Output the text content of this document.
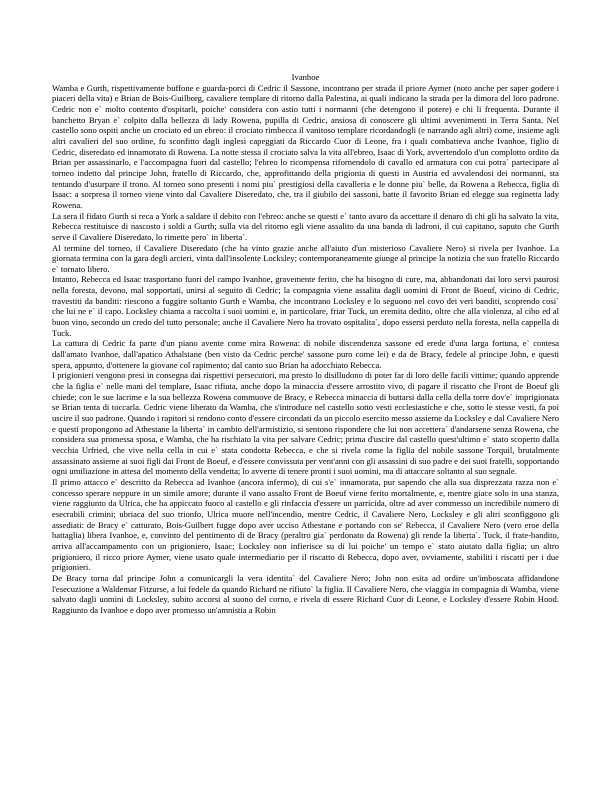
Ivanhoe
Wamba e Gurth, rispettivamente buffone e guarda-porci di Cedric il Sassone, incontrano per strada il priore Aymer (noto anche per saper godere i piaceri della vita) e Brian de Bois-Guilborg, cavaliere templare di ritorno dalla Palestina, ai quali indicano la strada per la dimora del loro padrone. Cedric non e` molto contento d'ospitarli, poiche' considera con astio tutti i normanni (che detengono il potere) e chi li frequenta. Durante il banchetto Bryan e` colpito dalla bellezza di lady Rowena, pupilla di Cedric, ansiosa di conoscere gli ultimi avvenimenti in Terra Santa. Nel castello sono ospiti anche un crociato ed un ebreo: il crociato rimbecca il vanitoso templare ricordandogli (e narrando agli altri) come, insieme agli altri cavalieri del suo ordine, fu sconfitto dagli inglesi capeggiati da Riccardo Cuor di Leone, fra i quali combatteva anche Ivanhoe, figlio di Cedric, diseredato ed innamorato di Rowena. La notte stessa il crociato salva la vita all'ebreo, Isaac di York, avvertendolo d'un complotto ordito da Brian per assassinarlo, e l'accompagna fuori dal castello; l'ebreo lo ricompensa rifornendolo di cavallo ed armatura con cui potra` partecipare al torneo indetto dal principe John, fratello di Riccardo, che, approfittando della prigionia di questi in Austria ed avvalendosi dei normanni, sta tentando d'usurpare il trono. Al torneo sono presenti i nomi piu` prestigiosi della cavalleria e le donne piu` belle, da Rowena a Rebecca, figlia di Isaac: a sorpresa il torneo viene vinto dal Cavaliere Diseredato, che, tra il giubilo dei sassoni, batte il favorito Brian ed elegge sua reginetta lady Rowena.
La sera il fidato Gurth si reca a York a saldare il debito con l'ebreo: anche se questi e` tanto avaro da accettare il denaro di chi gli ha salvato la vita, Rebecca restituisce di nascosto i soldi a Gurth; sulla via del ritorno egli viene assalito da una banda di ladroni, il cui capitano, saputo che Gurth serve il Cavaliere Diseredato, lo rimette pero` in liberta`.
Al termine del torneo, il Cavaliere Diseredato (che ha vinto grazie anche all'aiuto d'un misterioso Cavaliere Nero) si rivela per Ivanhoe. La giornata termina con la gara degli arcieri, vinta dall'insolente Locksley; contemporaneamente giunge al principe la notizia che suo fratello Riccardo e` tornato libero.
Intanto, Rebecca ed Isaac trasportano fuori del campo Ivanhoe, gravemente ferito, che ha bisogno di cure, ma, abbandonati dai loro servi paurosi nella foresta, devono, mal sopportati, unirsi al seguito di Cedric; la compagnia viene assalita dagli uomini di Front de Boeuf, vicino di Cedric, travestiti da banditi: riescono a fuggire soltanto Gurth e Wamba, che incontrano Locksley e lo seguono nel covo dei veri banditi, scoprendo cosi` che lui ne e` il capo. Locksley chiama a raccolta i suoi uomini e, in particolare, friar Tuck, un eremita dedito, oltre che alla violenza, al cibo ed al buon vino, secondo un credo del tutto personale; anche il Cavaliere Nero ha trovato ospitalita`, dopo essersi perduto nella foresta, nella cappella di Tuck.
La cattura di Cedric fa parte d'un piano avente come mira Rowena: di nobile discendenza sassone ed erede d'una larga fortuna, e` contesa dall'amato Ivanhoe, dall'apatico Athalstane (ben visto da Cedric perche' sassone puro come lei) e da de Bracy, fedele al principe John, e questi spera, appunto, d'ottenere la giovane col rapimento; dal canto suo Brian ha adocchiato Rebecca.
I prigionieri vengono presi in consegna dai rispettivi persecutori, ma presto lo disilludono di poter far di loro delle facili vittime; quando apprende che la figlia e` nelle mani del templare, Isaac rifiuta, anche dopo la minaccia d'essere arrostito vivo, di pagare il riscatto che Front de Boeuf gli chiede; con le sue lacrime e la sua bellezza Rowena commuove de Bracy, e Rebecca minaccia di buttarsi dalla cella della torre dov'e` imprigionata se Brian tenta di toccarla. Cedric viene liberato da Wamba, che s'introduce nel castello sotto vesti ecclesiastiche e che, sotto le stesse vesti, fa poi uscire il suo padrone. Quando i rapitori si rendono conto d'essere circondati da un piccolo esercito messo assieme da Locksley e dal Cavaliere Nero e questi propongono ad Athestane la liberta` in cambio dell'armistizio, si sentono rispondere che lui non accettera` d'andarsene senza Rowena, che considera sua promessa sposa, e Wamba, che ha rischiato la vita per salvare Cedric; prima d'uscire dal castello quest'ultimo e` stato scoperto dalla vecchia Urfried, che vive nella cella in cui e` stata condotta Rebecca, e che si rivela come la figlia del nobile sassone Torquil, brutalmente assassinato assieme ai suoi figli dai Front de Boeuf, e d'essere convissuta per vent'anni con gli assassini di suo padre e dei suoi fratelli, sopportando ogni umiliazione in attesa del momento della vendetta; lo avverte di tenere pronti i suoi uomini, ma di attaccare soltanto al suo segnale.
Il primo attacco e` descritto da Rebecca ad Ivanhoe (ancora infermo), di cui s'e` innamorata, pur sapendo che alla sua disprezzata razza non e` concesso sperare neppure in un simile amore; durante il vano assalto Front de Boeuf viene ferito mortalmente, e, mentre giace solo in una stanza, viene raggiunto da Ulrica, che ha appiccato fuoco al castello e gli rinfaccia d'essere un parricida, oltre ad aver commesso un incredibile numero di esecrabili crimini; ubriaca del suo trionfo, Ulrica muore nell'incendio, mentre Cedric, il Cavaliere Nero, Locksley e gli altri sconfiggono gli assediati: de Bracy e` catturato, Bois-Guilbert fugge dopo aver ucciso Athestane e portando con se' Rebecca, il Cavaliere Nero (vero eroe della battaglia) libera Ivanhoe, e, convinto del pentimento di de Bracy (peraltro gia` perdonato da Rowena) gli rende la liberta`. Tuck, il frate-bandito, arriva all'accampamento con un prigioniero, Isaac; Locksley non infierisce su di lui poiche' un tempo e` stato aiutato dalla figlia; un altro prigioniero, il ricco priore Aymer, viene usato quale intermediario per il riscatto di Rebecca, dopo aver, ovviamente, stabiliti i riscatti per i due prigionieri.
De Bracy torna dal principe John a comunicargli la vera identita` del Cavaliere Nero; John non esita ad ordire un'imboscata affidandone l'esecuzione a Waldemar Fitzurse, a lui fedele da quando Richard ne rifiuto` la figlia. Il Cavaliere Nero, che viaggia in compagnia di Wamba, viene salvato dagli uomini di Locksley, subito accorsi al suono del corno, e rivela di essere Richard Cuor di Leone, e Locksley d'essere Robin Hood. Raggiunto da Ivanhoe e dopo aver promesso un'amnistia a Robin
